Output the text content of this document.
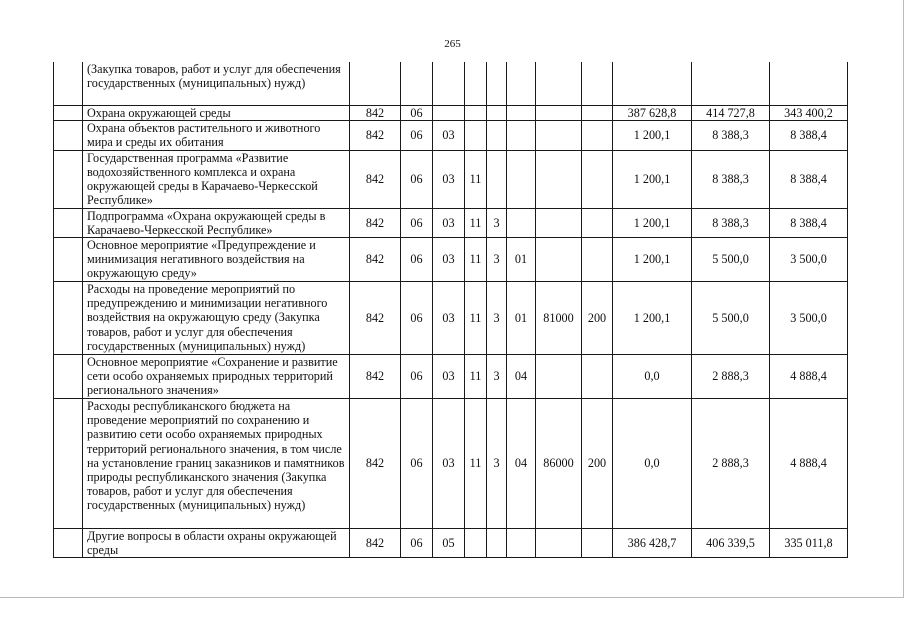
265
	(Закупка товаров, работ и услуг для обеспечения государственных (муниципальных) нужд)											
	Охрана окружающей среды	842	06							387 628,8	414 727,8	343 400,2
	Охрана объектов растительного и животного мира и среды их обитания	842	06	03						1 200,1	8 388,3	8 388,4
	Государственная программа «Развитие водохозяйственного комплекса и охрана окружающей среды в Карачаево-Черкесской Республике»	842	06	03	11					1 200,1	8 388,3	8 388,4
	Подпрограмма «Охрана окружающей среды в Карачаево-Черкесской Республике»	842	06	03	11	3				1 200,1	8 388,3	8 388,4
	Основное мероприятие «Предупреждение и минимизация негативного воздействия на окружающую среду»	842	06	03	11	3	01			1 200,1	5 500,0	3 500,0
	Расходы на проведение мероприятий по предупреждению и минимизации негативного воздействия на окружающую среду (Закупка товаров, работ и услуг для обеспечения государственных (муниципальных) нужд)	842	06	03	11	3	01	81000	200	1 200,1	5 500,0	3 500,0
	Основное мероприятие «Сохранение и развитие сети особо охраняемых природных территорий регионального значения»	842	06	03	11	3	04			0,0	2 888,3	4 888,4
	Расходы республиканского бюджета на проведение мероприятий по сохранению и развитию сети особо охраняемых природных территорий регионального значения, в том числе на установление границ заказников и памятников природы республиканского значения (Закупка товаров, работ и услуг для обеспечения государственных (муниципальных) нужд)	842	06	03	11	3	04	86000	200	0,0	2 888,3	4 888,4
	Другие вопросы в области охраны окружающей среды	842	06	05						386 428,7	406 339,5	335 011,8
